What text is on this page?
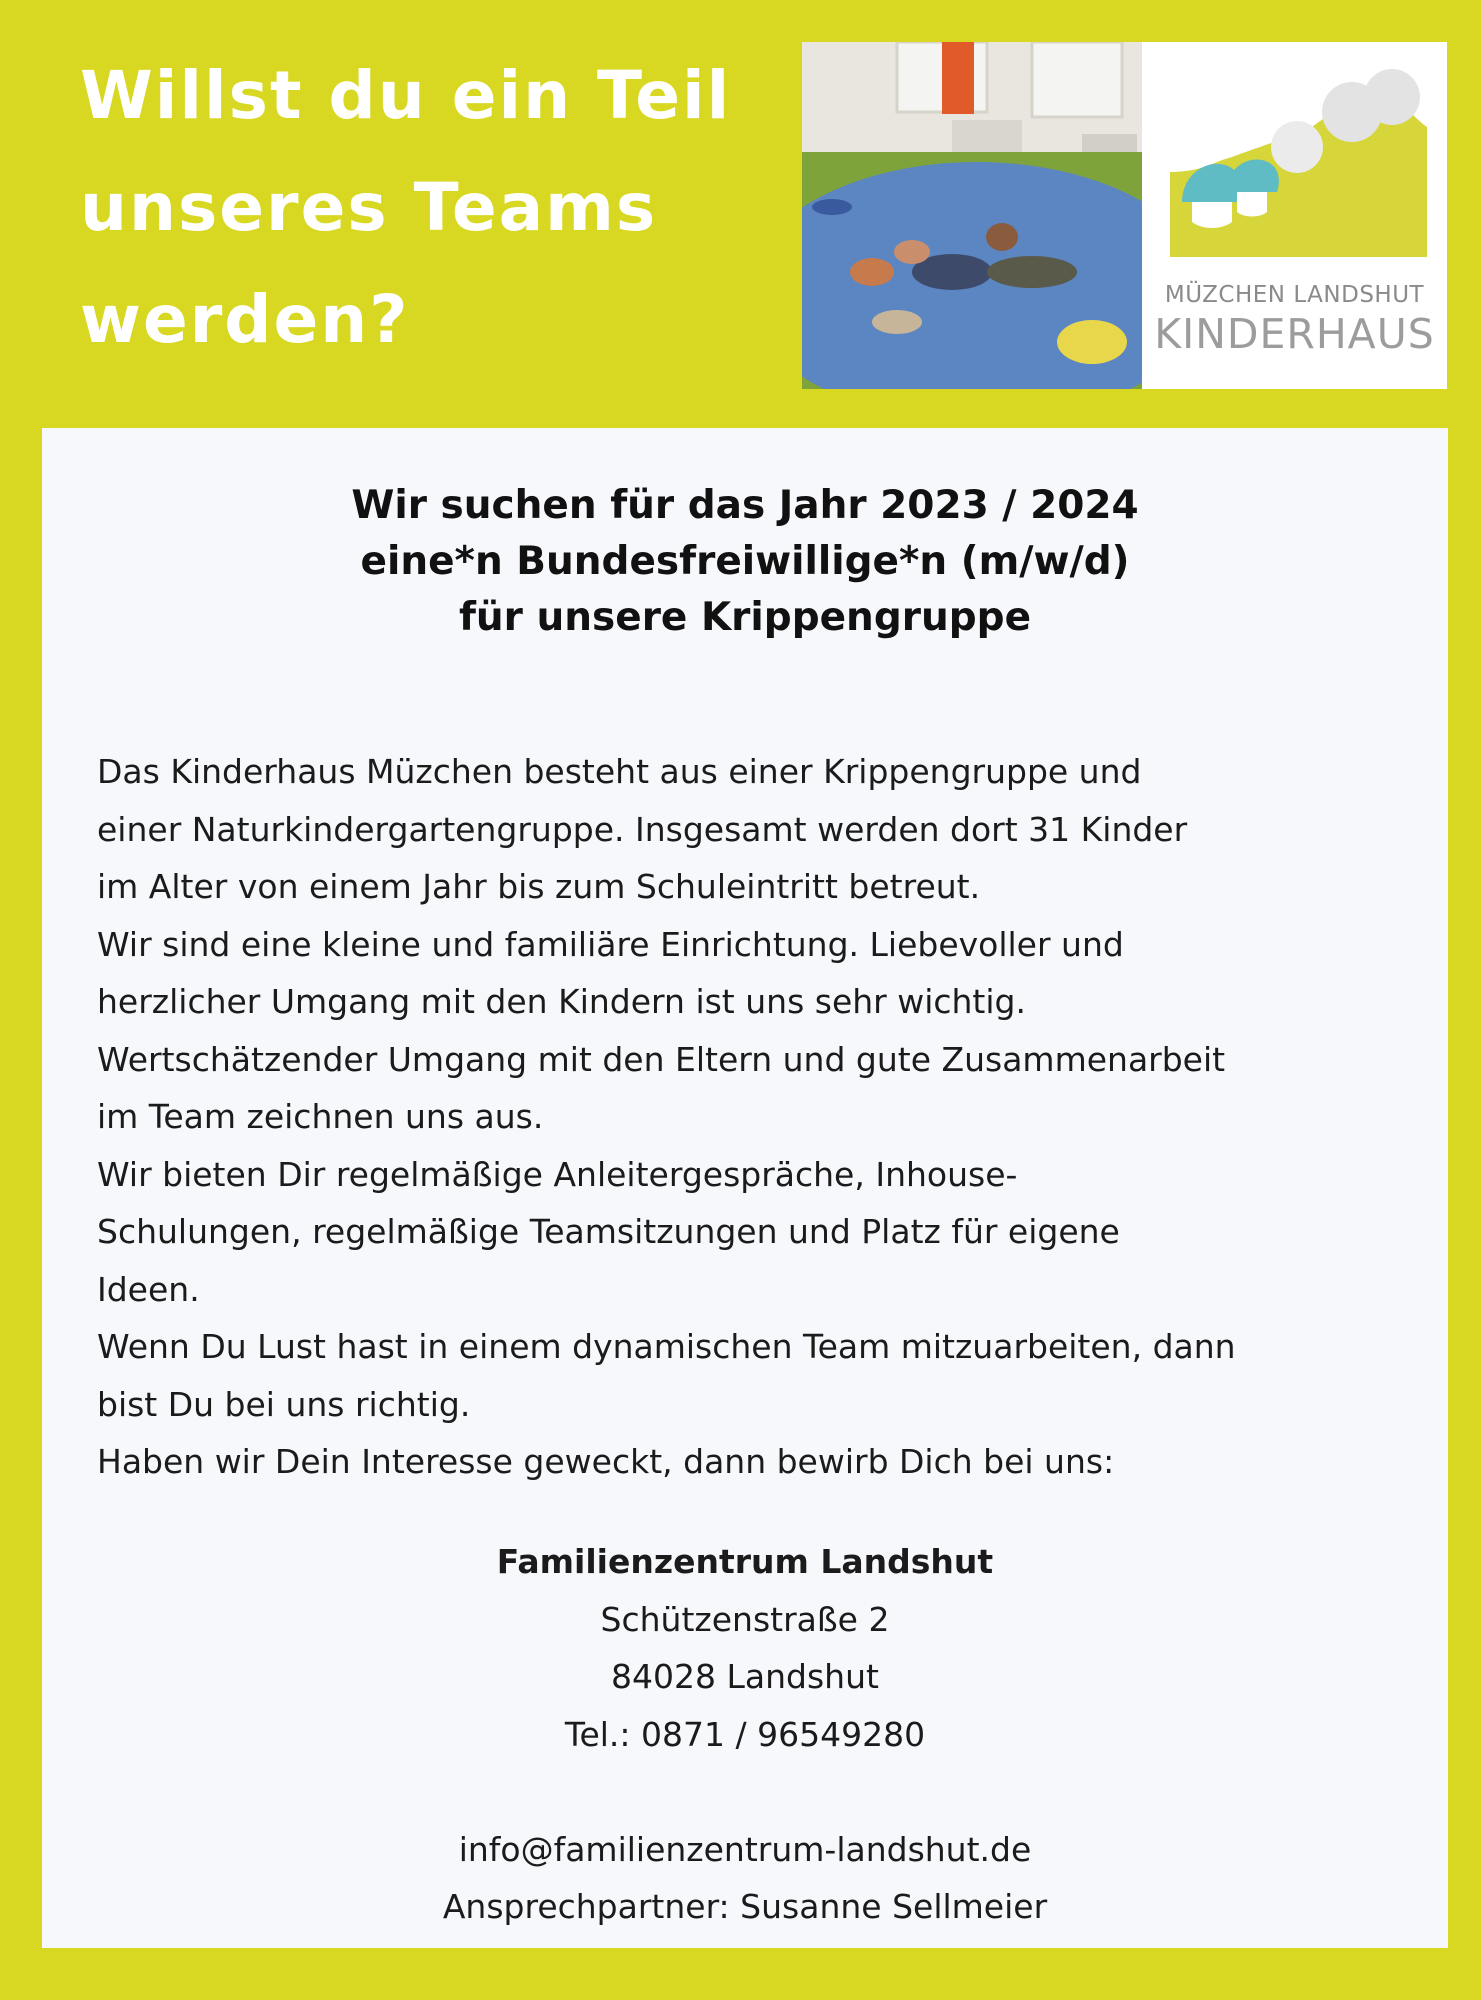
Willst du ein Teil
unseres Teams
werden?	MÜZCHEN LANDSHUT
KINDERHAUS
Wir suchen für das Jahr 2023 / 2024
eine*n Bundesfreiwillige*n (m/w/d)
für unsere Krippengruppe
Das Kinderhaus Müzchen besteht aus einer Krippengruppe und
einer Naturkindergartengruppe. Insgesamt werden dort 31 Kinder
im Alter von einem Jahr bis zum Schuleintritt betreut.
Wir sind eine kleine und familiäre Einrichtung. Liebevoller und
herzlicher Umgang mit den Kindern ist uns sehr wichtig.
Wertschätzender Umgang mit den Eltern und gute Zusammenarbeit
im Team zeichnen uns aus.
Wir bieten Dir regelmäßige Anleitergespräche, Inhouse-
Schulungen, regelmäßige Teamsitzungen und Platz für eigene
Ideen.
Wenn Du Lust hast in einem dynamischen Team mitzuarbeiten, dann
bist Du bei uns richtig.
Haben wir Dein Interesse geweckt, dann bewirb Dich bei uns:
Familienzentrum Landshut
Schützenstraße 2
84028 Landshut
Tel.: 0871 / 96549280
info@familienzentrum-landshut.de
Ansprechpartner: Susanne Sellmeier
